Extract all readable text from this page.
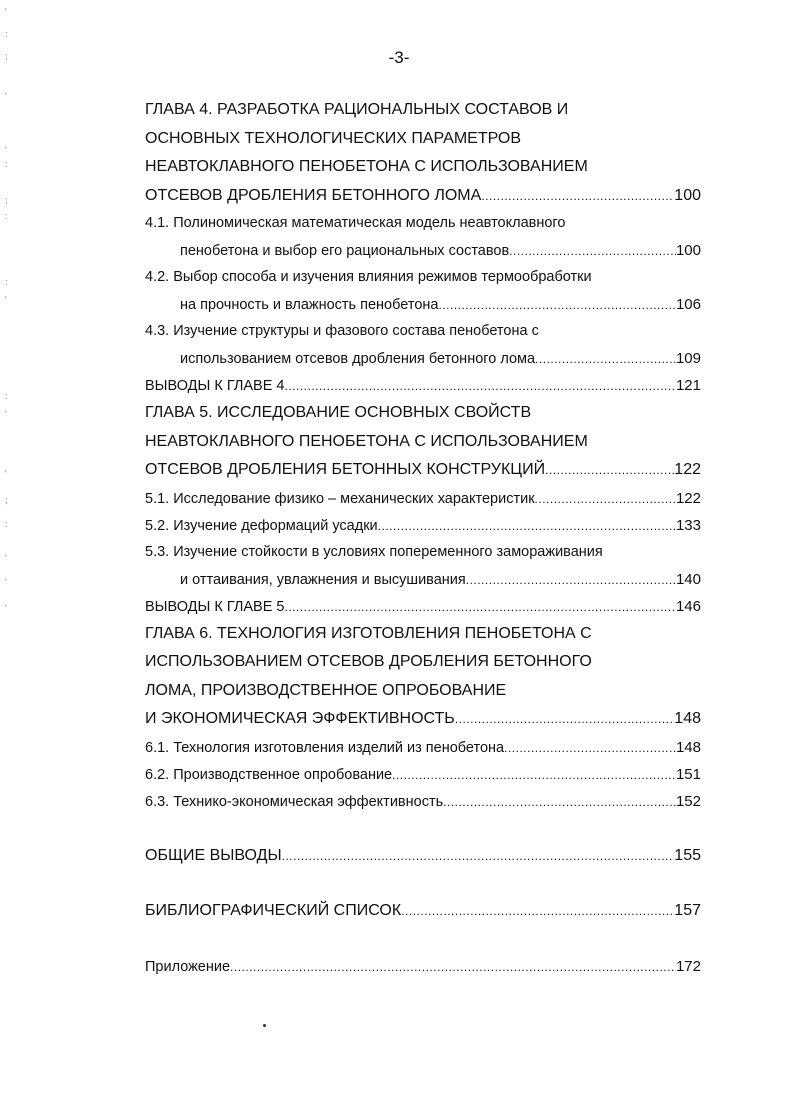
'
:
;
'
'
:
;
:
:
'
:
'
'
;
:
'
'
'
-3-
ГЛАВА 4. РАЗРАБОТКА РАЦИОНАЛЬНЫХ СОСТАВОВ И
ОСНОВНЫХ ТЕХНОЛОГИЧЕСКИХ ПАРАМЕТРОВ
НЕАВТОКЛАВНОГО ПЕНОБЕТОНА С ИСПОЛЬЗОВАНИЕМ
ОТСЕВОВ ДРОБЛЕНИЯ БЕТОННОГО ЛОМА .....	100
4.1. Полиномическая математическая модель неавтоклавного
пенобетона и выбор его рациональных составов .....	100
4.2. Выбор способа и изучения влияния режимов термообработки
на прочность и влажность пенобетона .....	106
4.3. Изучение структуры и фазового состава пенобетона с
использованием отсевов дробления бетонного лома .....	109
ВЫВОДЫ К ГЛАВЕ 4 .....	121
ГЛАВА 5. ИССЛЕДОВАНИЕ ОСНОВНЫХ СВОЙСТВ
НЕАВТОКЛАВНОГО ПЕНОБЕТОНА С ИСПОЛЬЗОВАНИЕМ
ОТСЕВОВ ДРОБЛЕНИЯ БЕТОННЫХ КОНСТРУКЦИЙ .....	122
5.1. Исследование физико – механических характеристик .....	122
5.2. Изучение деформаций усадки .....	133
5.3. Изучение стойкости в условиях попеременного замораживания
и оттаивания, увлажнения и высушивания .....	140
ВЫВОДЫ К ГЛАВЕ 5 .....	146
ГЛАВА 6. ТЕХНОЛОГИЯ ИЗГОТОВЛЕНИЯ ПЕНОБЕТОНА С
ИСПОЛЬЗОВАНИЕМ ОТСЕВОВ ДРОБЛЕНИЯ БЕТОННОГО
ЛОМА, ПРОИЗВОДСТВЕННОЕ ОПРОБОВАНИЕ
И ЭКОНОМИЧЕСКАЯ ЭФФЕКТИВНОСТЬ .....	148
6.1. Технология изготовления изделий из пенобетона .....	148
6.2. Производственное опробование .....	151
6.3. Технико-экономическая эффективность .....	152
ОБЩИЕ ВЫВОДЫ .....	155
БИБЛИОГРАФИЧЕСКИЙ СПИСОК .....	157
Приложение .....	172
